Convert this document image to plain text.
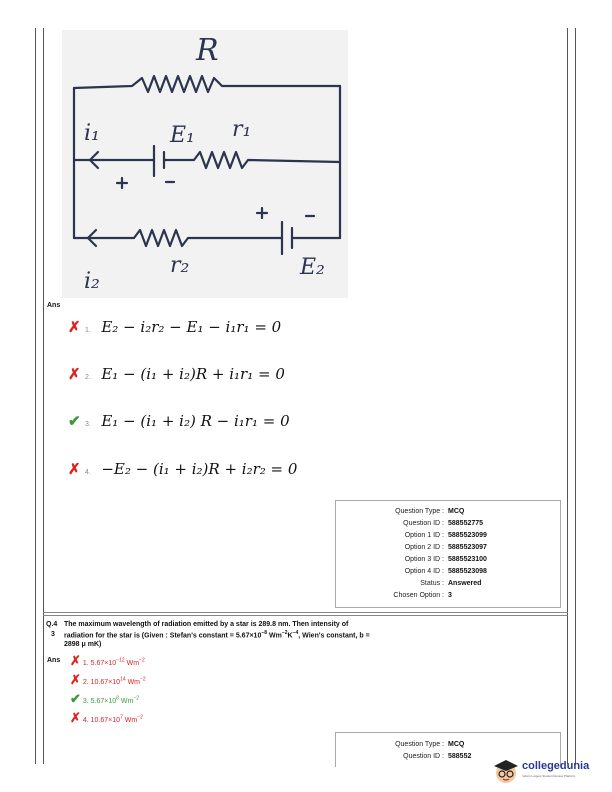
R
i₁	E₁ r₁
r₂	E₂
i₂
Ans
✗ 1. E₂ − i₂r₂ − E₁ − i₁r₁ = 0
✗ 2. E₁ − (i₁ + i₂)R + i₁r₁ = 0
✔ 3. E₁ − (i₁ + i₂) R − i₁r₁ = 0
✗ 4. −E₂ − (i₁ + i₂)R + i₂r₂ = 0
Question Type : MCQ
Question ID : 588552775
Option 1 ID : 5885523099
Option 2 ID : 5885523097
Option 3 ID : 5885523100
Option 4 ID : 5885523098
Status : Answered
Chosen Option : 3
Q.4
3
The maximum wavelength of radiation emitted by a star is 289.8 nm. Then intensity of
radiation for the star is (Given : Stefan's constant = $5.67\times 10^{-8}$ $Wm^{-2}K^{-4}$, Wien's constant, b =
2898 μ mK)
Ans ✗ 1. $5.67\times 10^{-12}$ $Wm^{-2}$
✗ 2. $10.67\times 10^{14}$ $Wm^{-2}$
✔ 3. $5.67\times 10^8$ $Wm^{-2}$
✗ 4. $10.67\times 10^7$ $Wm^{-2}$
Question Type : MCQ
Question ID : 588552
collegedunia
India's Largest Student Review Platform
